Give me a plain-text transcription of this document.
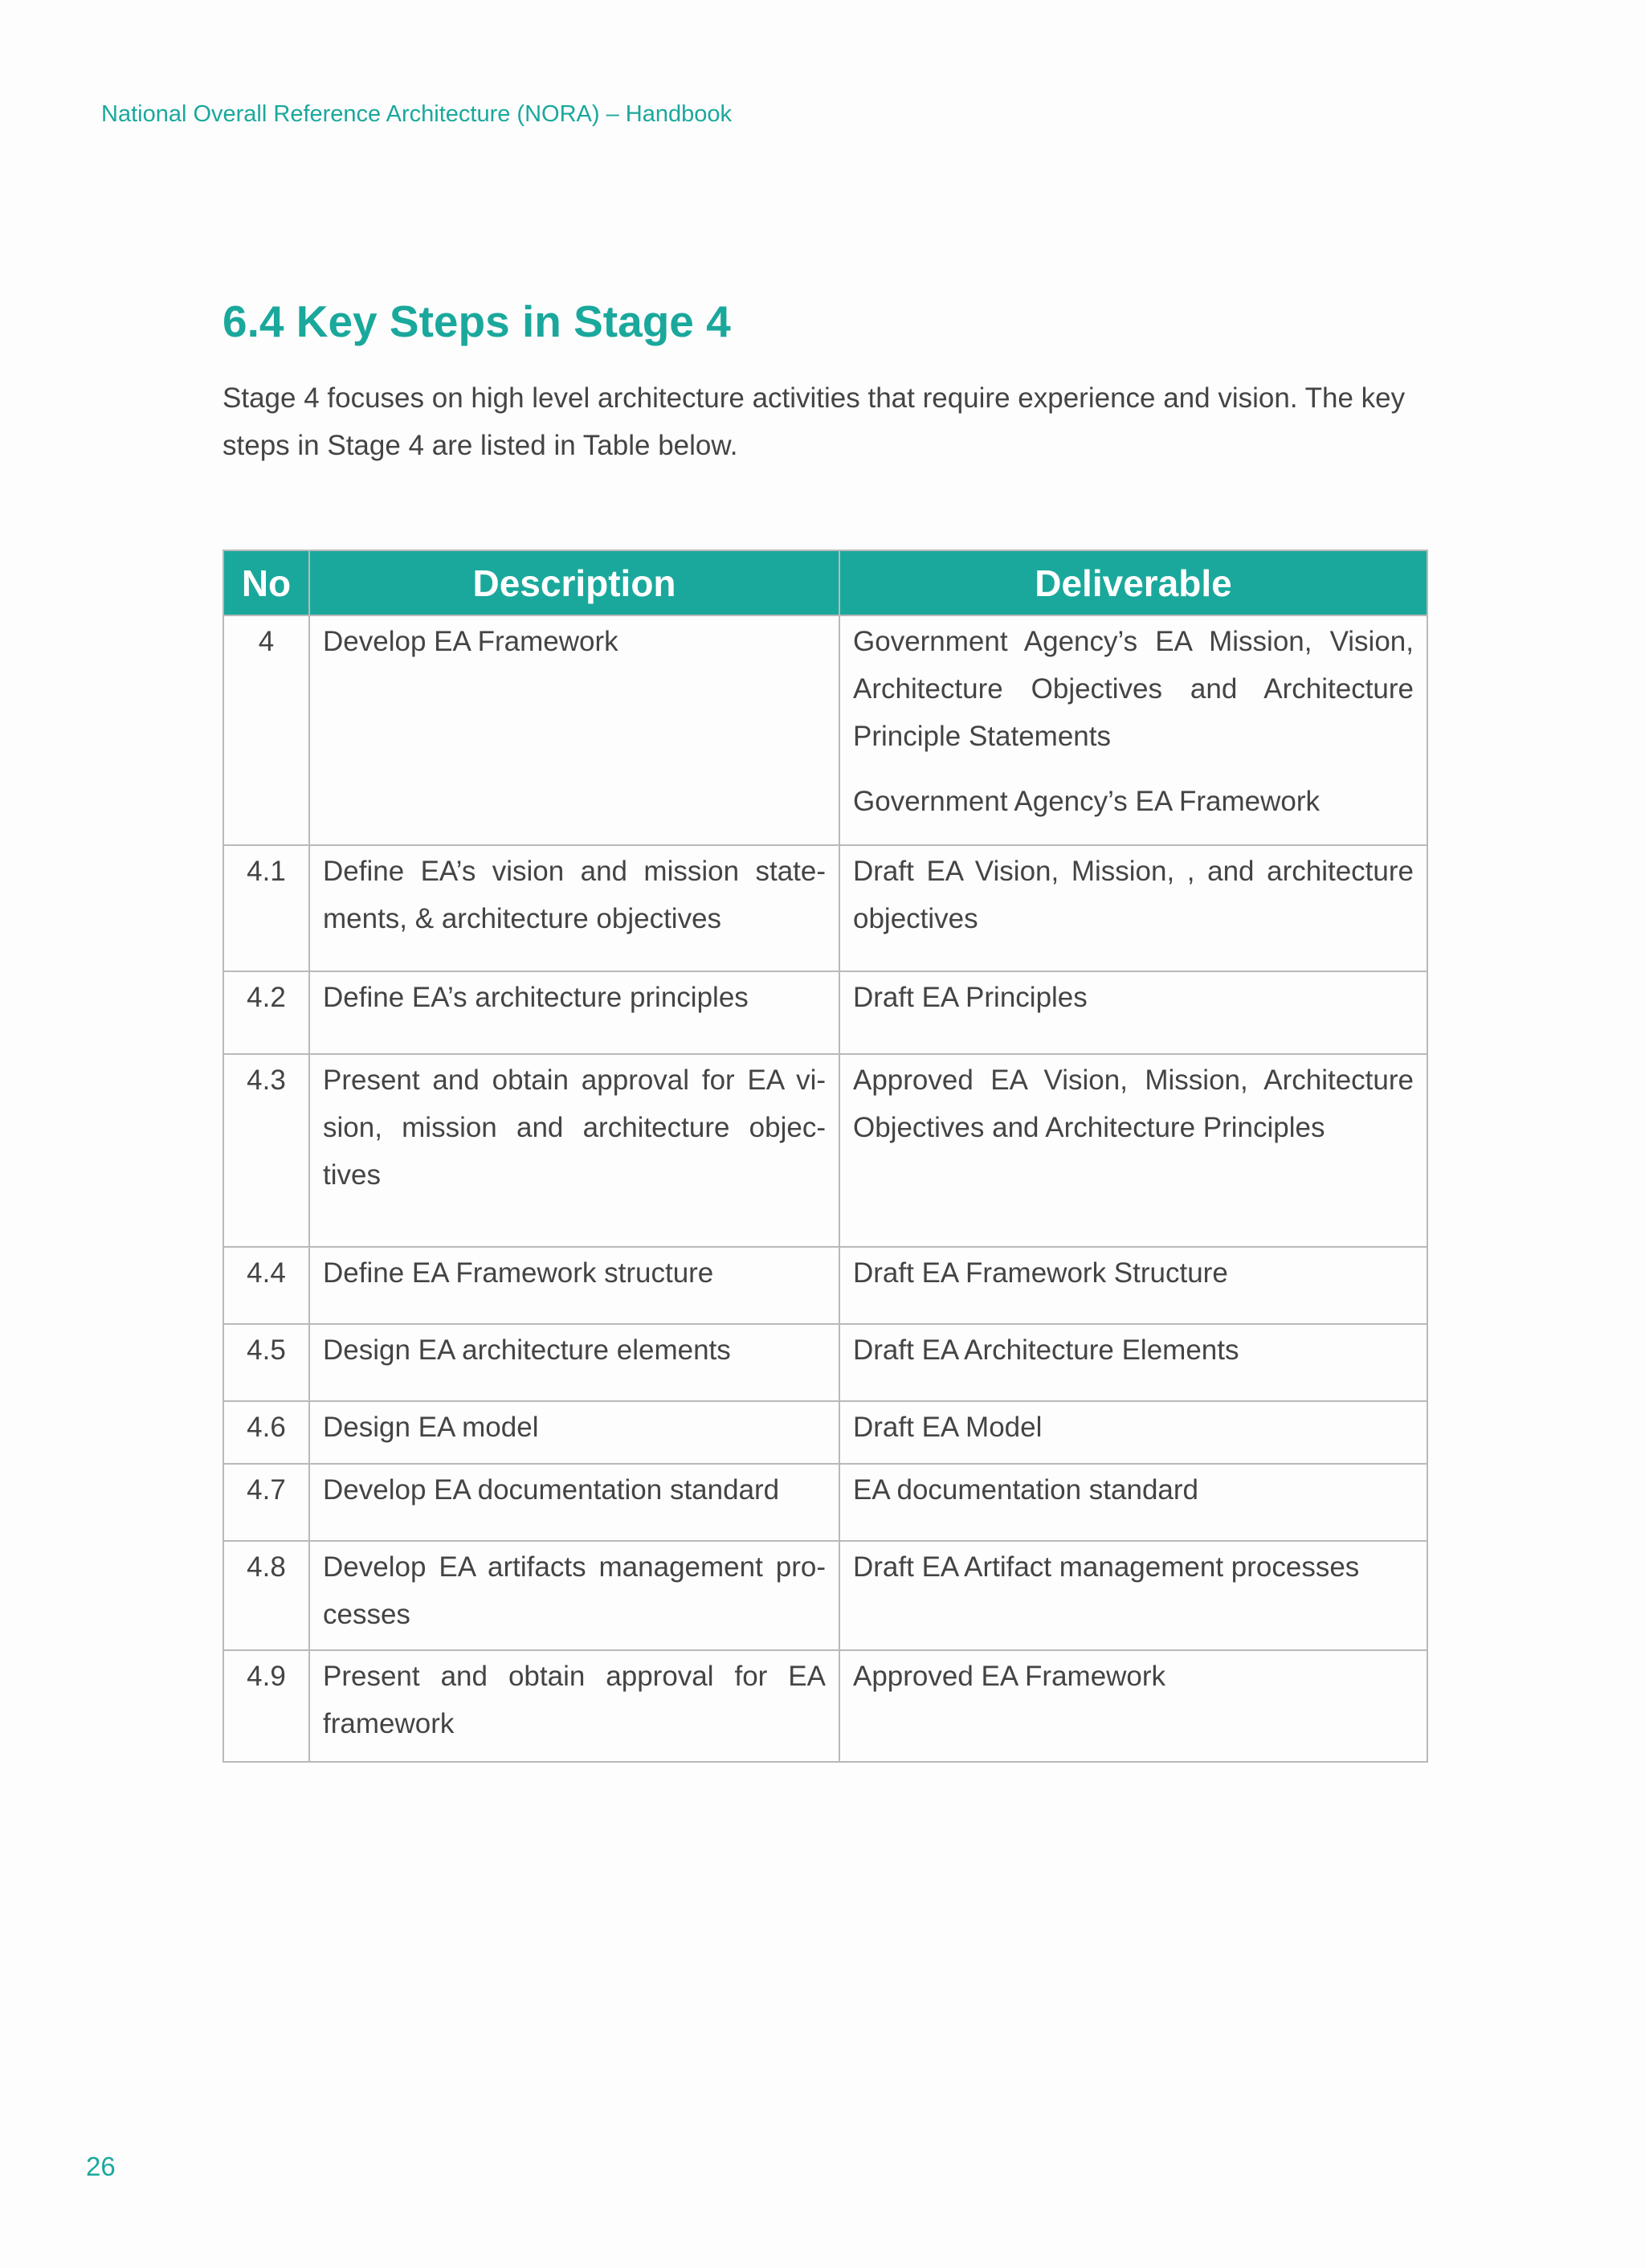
National Overall Reference Architecture (NORA) – Handbook
6.4 Key Steps in Stage 4

Stage 4 focuses on high level architecture activities that require experience and vision. The key steps in Stage 4 are listed in Table below.

No	Description	Deliverable
4	Develop EA Framework	Government Agency’s EA Mission, Vision, Architecture Objectives and Architecture Principle Statements
Government Agency’s EA Framework

4.1	Define EA’s vision and mission state-ments, & architecture objectives	Draft EA Vision, Mission, , and architecture objectives

4.2	Define EA’s architecture principles	Draft EA Principles

4.3	Present and obtain approval for EA vi-sion, mission and architecture objec-tives	Approved EA Vision, Mission, Architecture Objectives and Architecture Principles

4.4	Define EA Framework structure	Draft EA Framework Structure

4.5	Design EA architecture elements	Draft EA Architecture Elements

4.6	Design EA model	Draft EA Model

4.7	Develop EA documentation standard	EA documentation standard

4.8	Develop EA artifacts management pro-cesses	Draft EA Artifact management processes

4.9	Present and obtain approval for EA framework	Approved EA Framework
26
